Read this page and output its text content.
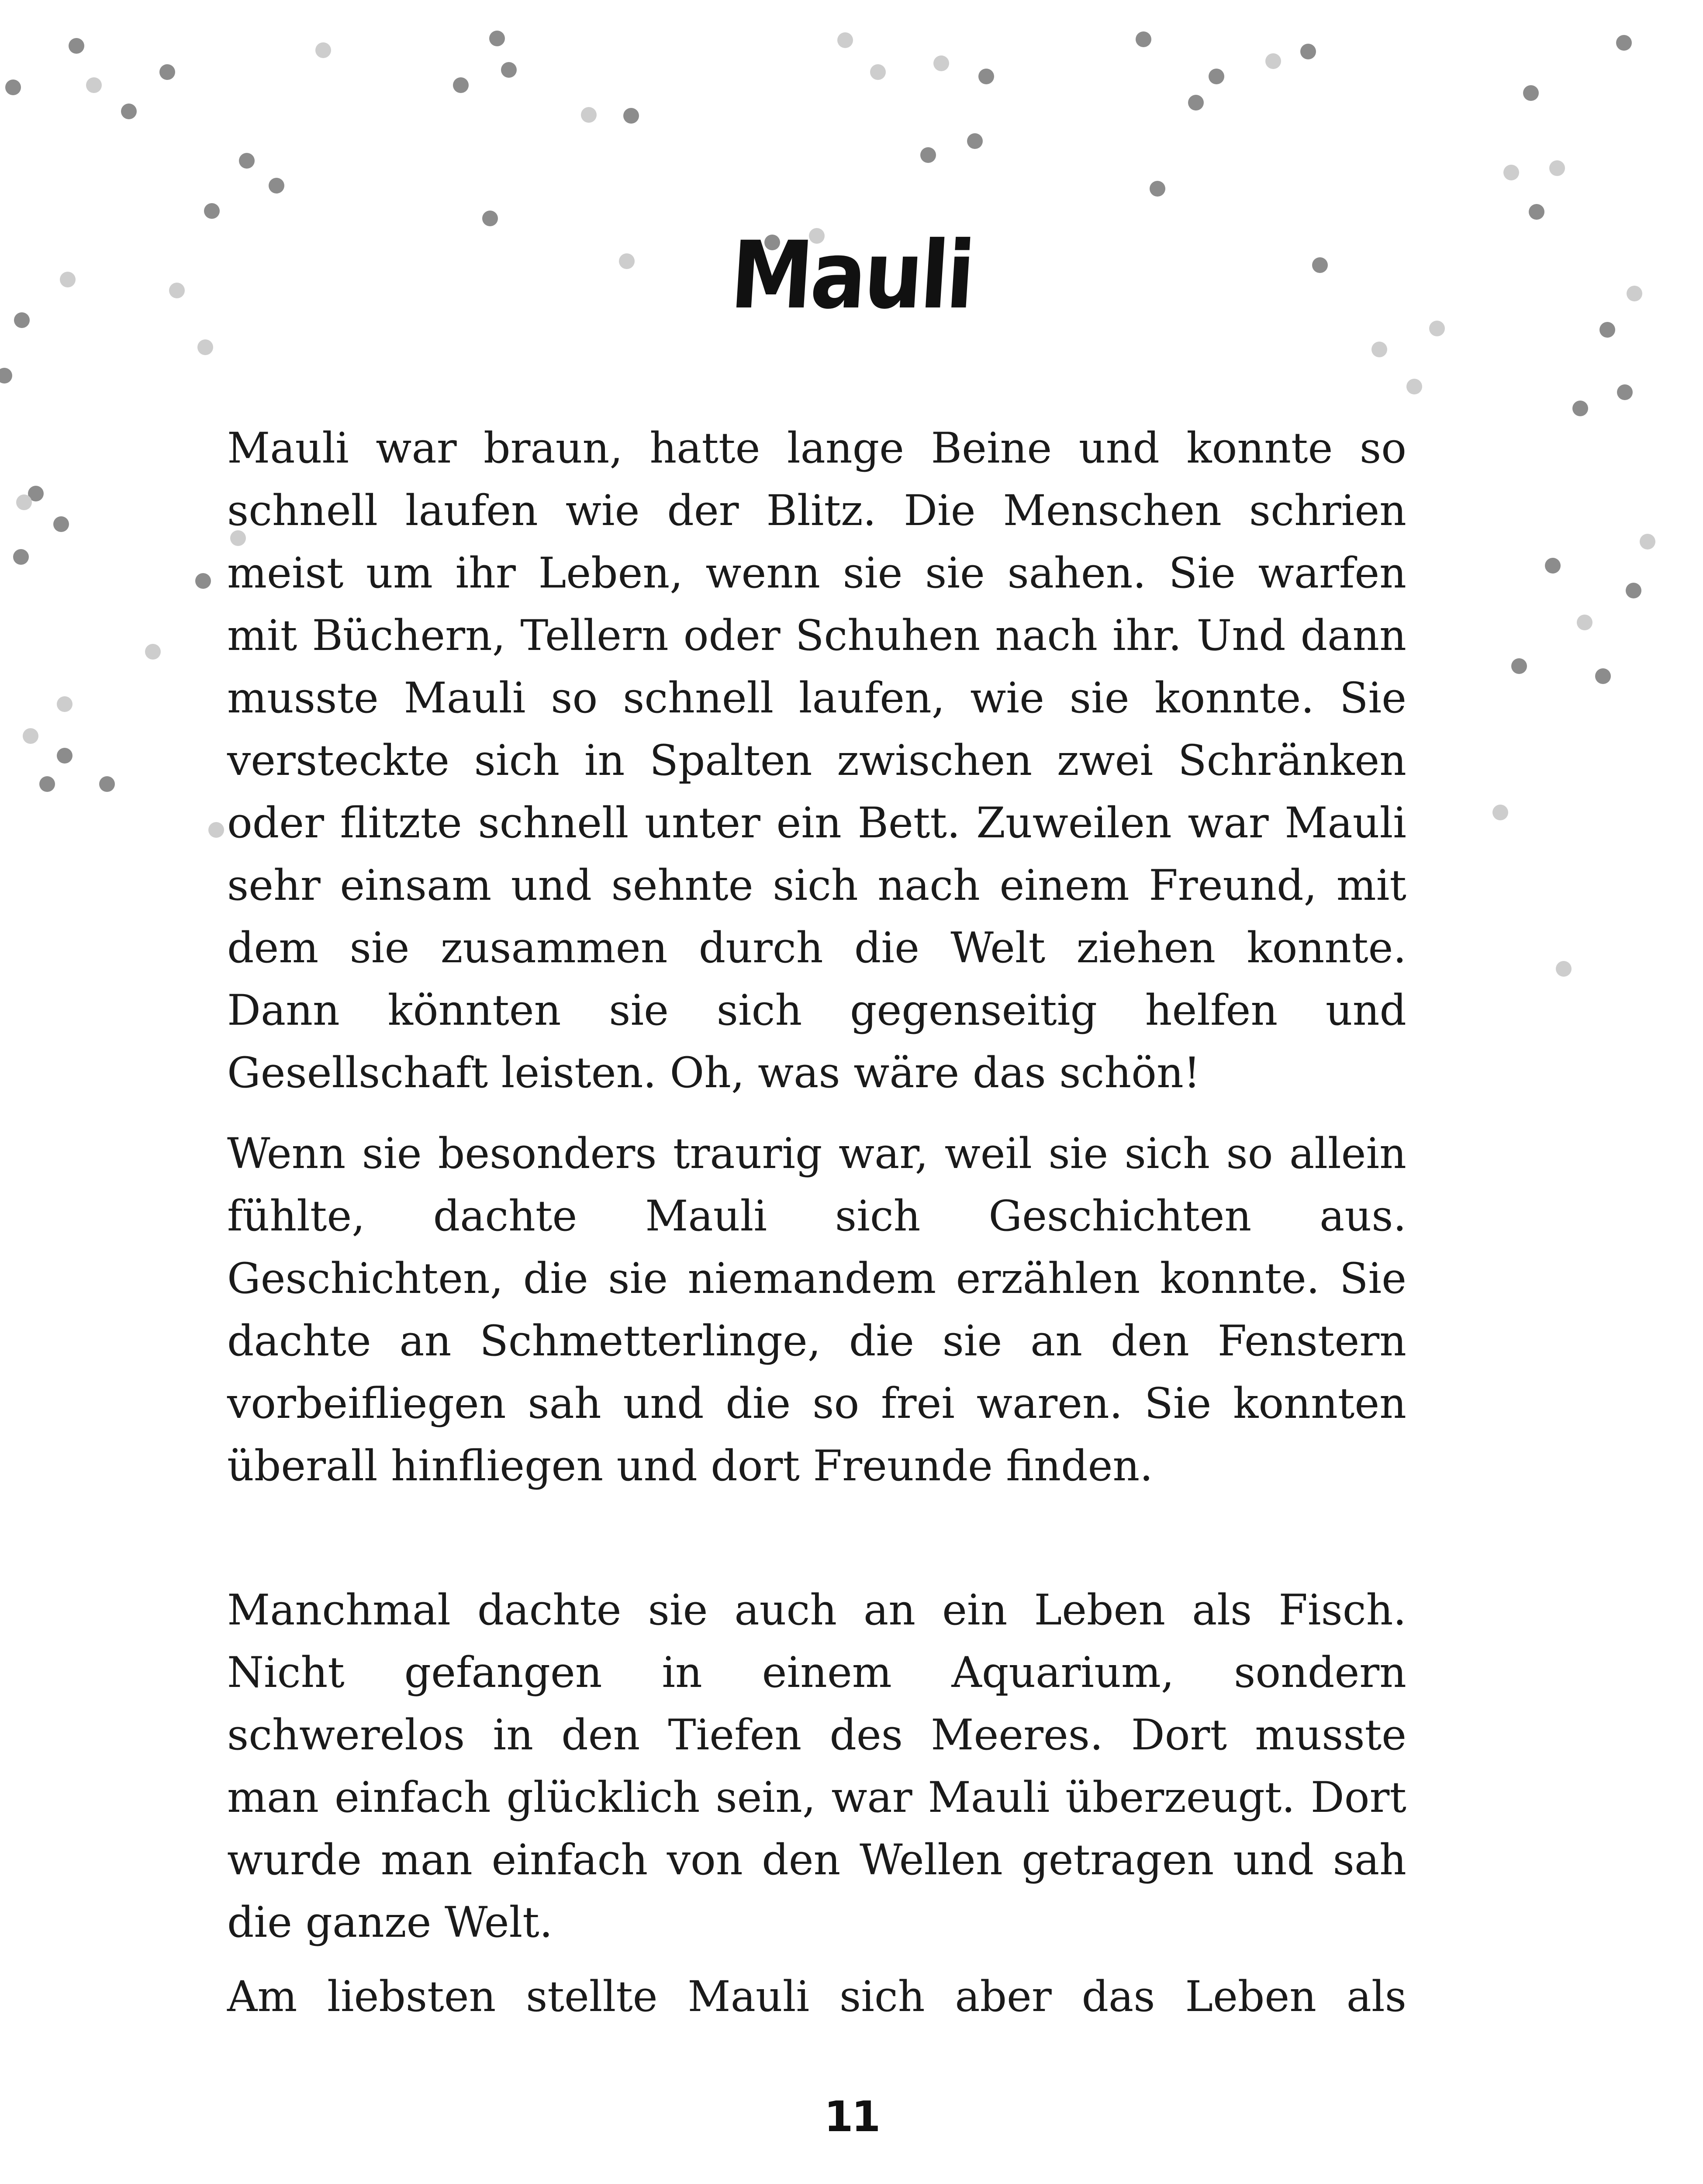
Mauli

Mauli war braun, hatte lange Beine und konnte so schnell laufen wie der Blitz. Die Menschen schrien meist um ihr Leben, wenn sie sie sahen. Sie warfen mit Büchern, Tellern oder Schuhen nach ihr. Und dann musste Mauli so schnell laufen, wie sie konnte. Sie versteckte sich in Spalten zwischen zwei Schränken oder flitzte schnell unter ein Bett. Zuweilen war Mauli sehr einsam und sehnte sich nach einem Freund, mit dem sie zusammen durch die Welt ziehen konnte. Dann könnten sie sich gegenseitig helfen und Gesellschaft leisten. Oh, was wäre das schön!

Wenn sie besonders traurig war, weil sie sich so allein fühlte, dachte Mauli sich Geschichten aus. Geschichten, die sie niemandem erzählen konnte. Sie dachte an Schmetterlinge, die sie an den Fenstern vorbeifliegen sah und die so frei waren. Sie konnten überall hinfliegen und dort Freunde finden.

Manchmal dachte sie auch an ein Leben als Fisch. Nicht gefangen in einem Aquarium, sondern schwerelos in den Tiefen des Meeres. Dort musste man einfach glücklich sein, war Mauli überzeugt. Dort wurde man einfach von den Wellen getragen und sah die ganze Welt.

Am liebsten stellte Mauli sich aber das Leben als

11
